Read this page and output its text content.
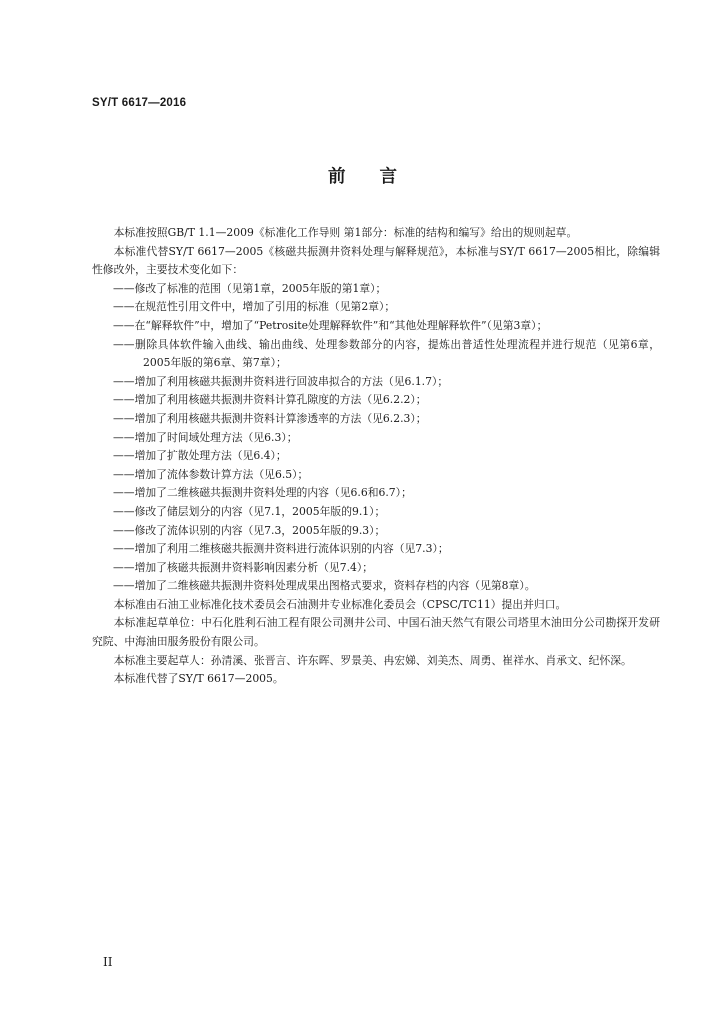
SY/T 6617—2016
前 言

本标准按照GB/T 1.1—2009《标准化工作导则 第1部分：标准的结构和编写》给出的规则起草。

本标准代替SY/T 6617—2005《核磁共振测井资料处理与解释规范》，本标准与SY/T 6617—2005相比，除编辑性修改外，主要技术变化如下：

——修改了标准的范围（见第1章，2005年版的第1章）；

——在规范性引用文件中，增加了引用的标准（见第2章）；

——在“解释软件”中，增加了“Petrosite处理解释软件”和“其他处理解释软件”（见第3章）；

——删除具体软件输入曲线、输出曲线、处理参数部分的内容，提炼出普适性处理流程并进行规范（见第6章，2005年版的第6章、第7章）；

——增加了利用核磁共振测井资料进行回波串拟合的方法（见6.1.7）；

——增加了利用核磁共振测井资料计算孔隙度的方法（见6.2.2）；

——增加了利用核磁共振测井资料计算渗透率的方法（见6.2.3）；

——增加了时间域处理方法（见6.3）；

——增加了扩散处理方法（见6.4）；

——增加了流体参数计算方法（见6.5）；

——增加了二维核磁共振测井资料处理的内容（见6.6和6.7）；

——修改了储层划分的内容（见7.1，2005年版的9.1）；

——修改了流体识别的内容（见7.3，2005年版的9.3）；

——增加了利用二维核磁共振测井资料进行流体识别的内容（见7.3）；

——增加了核磁共振测井资料影响因素分析（见7.4）；

——增加了二维核磁共振测井资料处理成果出图格式要求，资料存档的内容（见第8章）。

本标准由石油工业标准化技术委员会石油测井专业标准化委员会（CPSC/TC11）提出并归口。

本标准起草单位：中石化胜利石油工程有限公司测井公司、中国石油天然气有限公司塔里木油田分公司勘探开发研究院、中海油田服务股份有限公司。

本标准主要起草人：孙清溪、张晋言、许东晖、罗景美、冉宏娣、刘美杰、周勇、崔祥水、肖承文、纪怀深。

本标准代替了SY/T 6617—2005。

II
